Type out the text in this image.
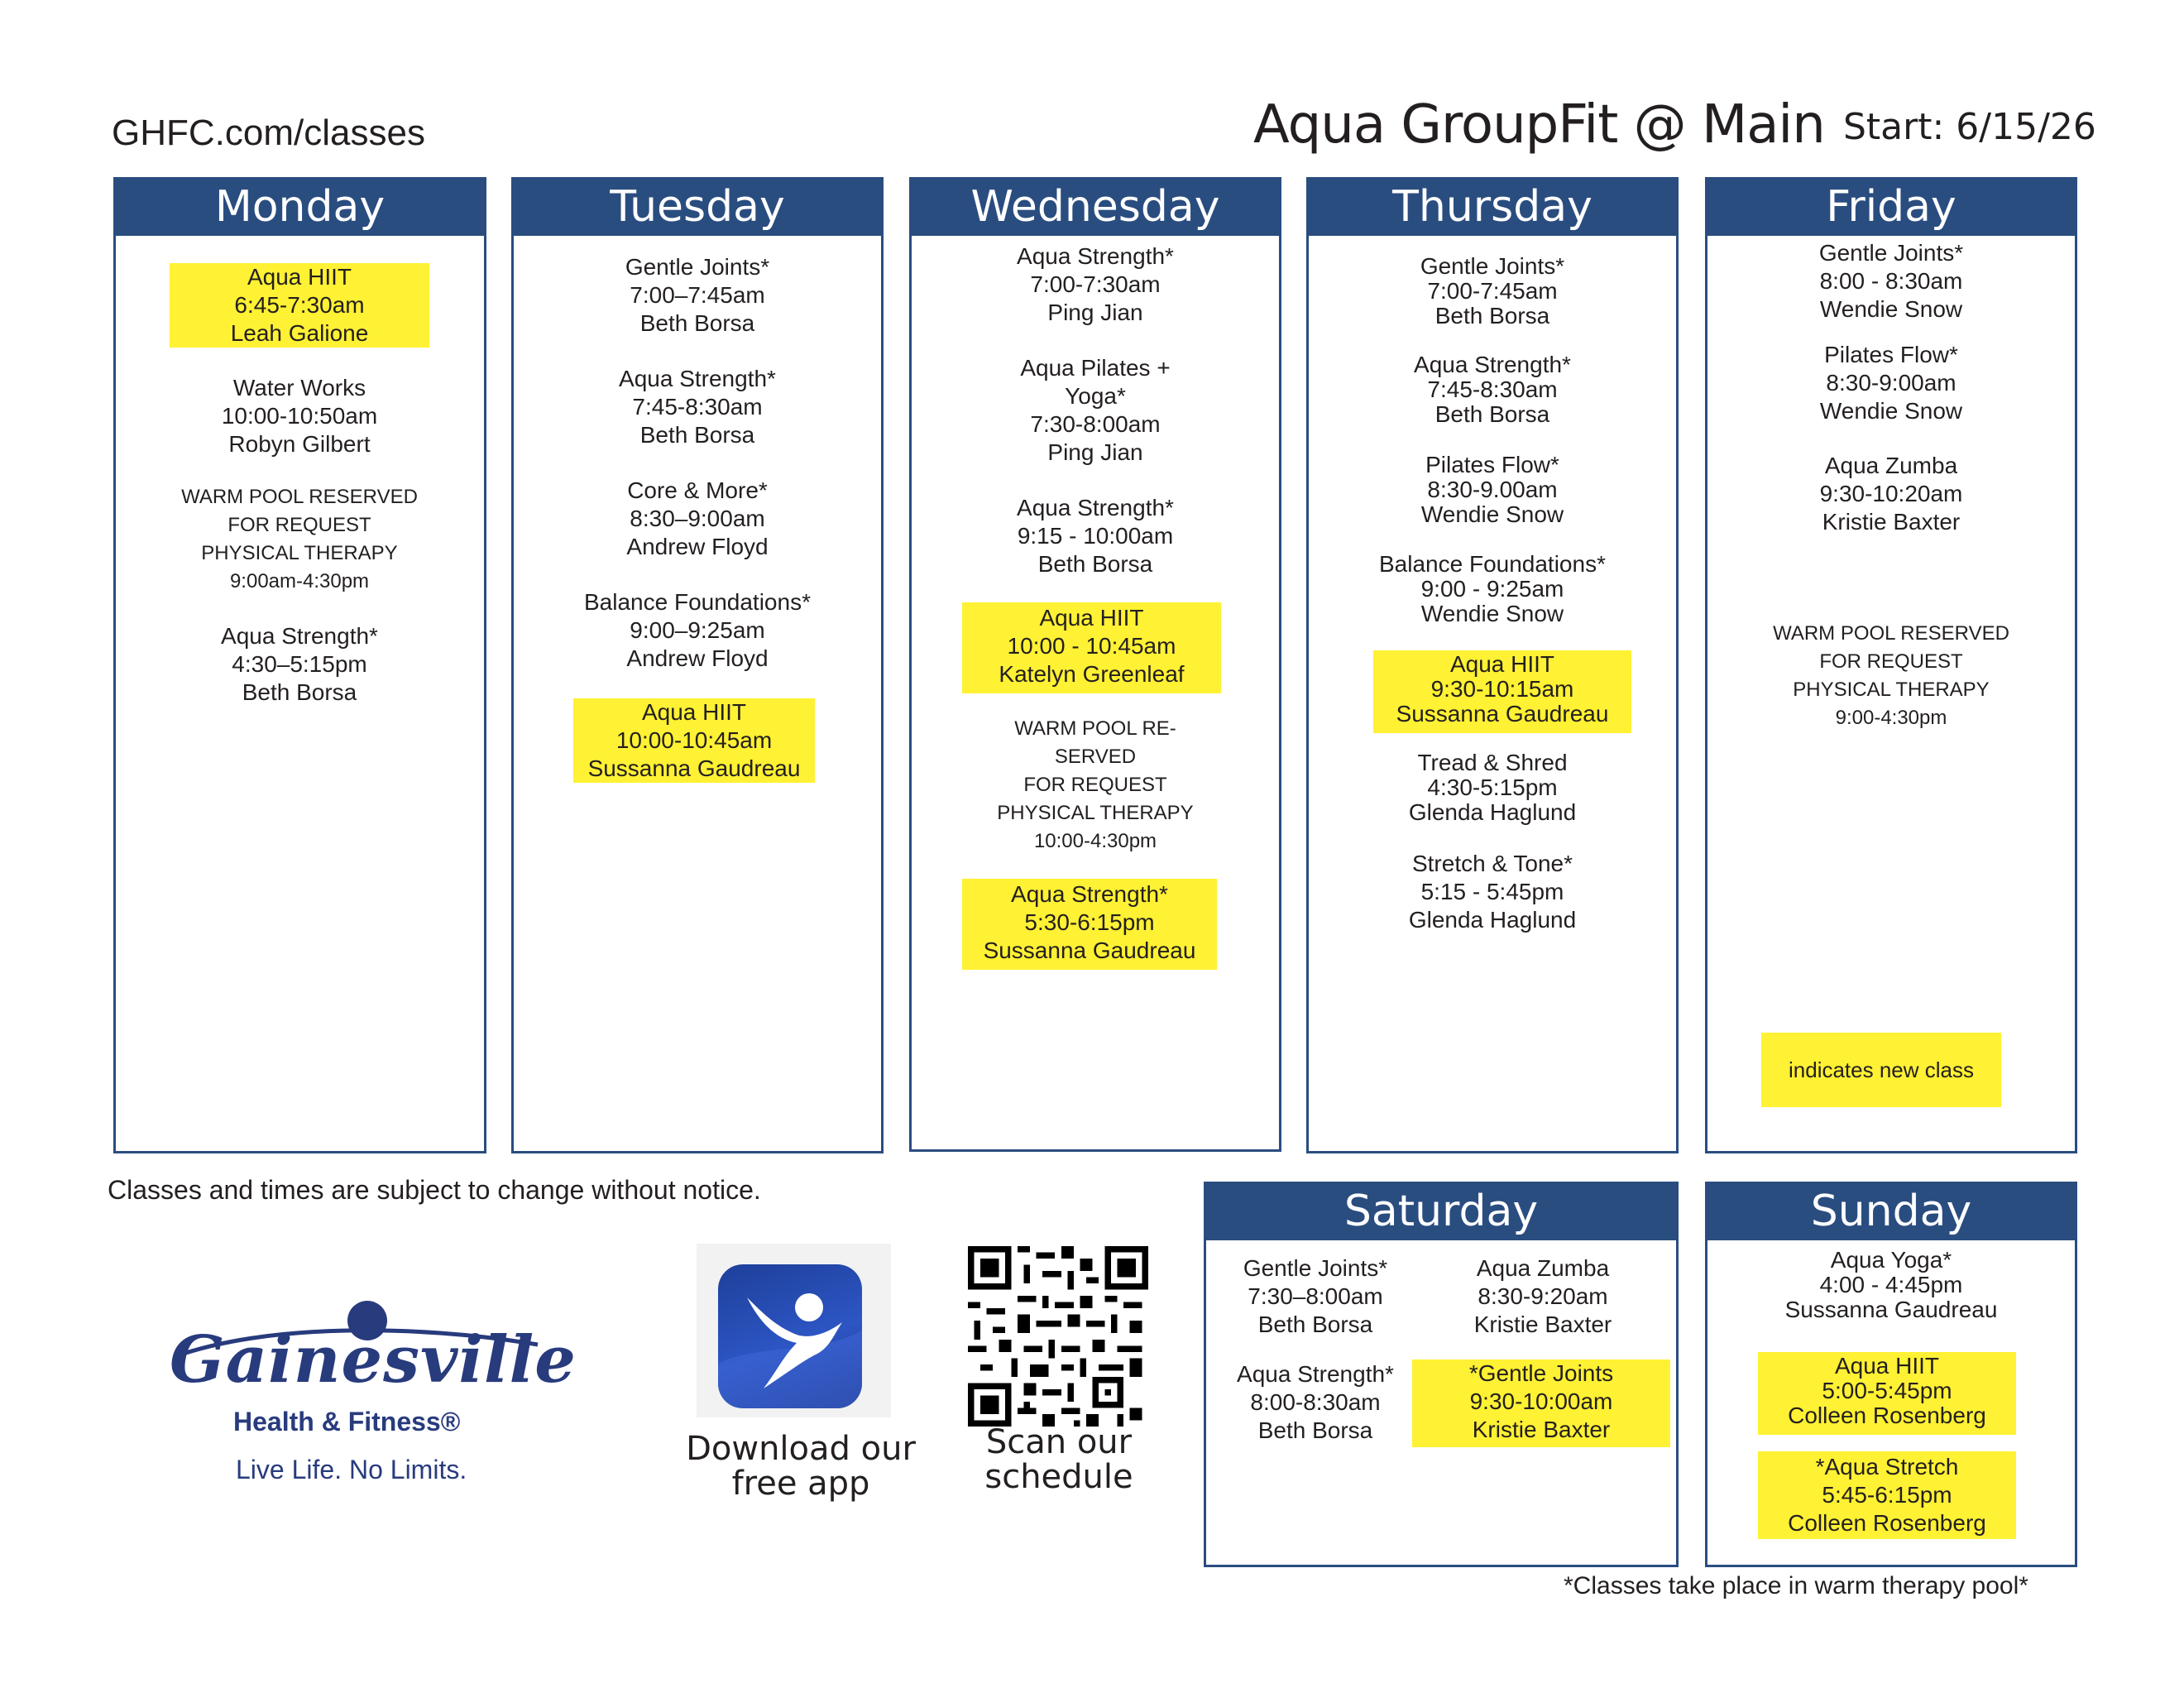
GHFC.com/classes	Aqua GroupFit @ Main Start: 6/15/26
Monday
Aqua HIIT
6:45-7:30am
Leah Galione
Water Works
10:00-10:50am
Robyn Gilbert
WARM POOL RESERVED
FOR REQUEST
PHYSICAL THERAPY
9:00am-4:30pm
Aqua Strength*
4:30–5:15pm
Beth Borsa
Tuesday
Gentle Joints*
7:00–7:45am
Beth Borsa
Aqua Strength*
7:45-8:30am
Beth Borsa
Core & More*
8:30–9:00am
Andrew Floyd
Balance Foundations*
9:00–9:25am
Andrew Floyd
Aqua HIIT
10:00-10:45am
Sussanna Gaudreau
Wednesday
Aqua Strength*
7:00-7:30am
Ping Jian
Aqua Pilates +
Yoga*
7:30-8:00am
Ping Jian
Aqua Strength*
9:15 - 10:00am
Beth Borsa
Aqua HIIT
10:00 - 10:45am
Katelyn Greenleaf
WARM POOL RE-
SERVED
FOR REQUEST
PHYSICAL THERAPY
10:00-4:30pm
Aqua Strength*
5:30-6:15pm
Sussanna Gaudreau
Thursday
Gentle Joints*
7:00-7:45am
Beth Borsa
Aqua Strength*
7:45-8:30am
Beth Borsa
Pilates Flow*
8:30-9.00am
Wendie Snow
Balance Foundations*
9:00 - 9:25am
Wendie Snow
Aqua HIIT
9:30-10:15am
Sussanna Gaudreau
Tread & Shred
4:30-5:15pm
Glenda Haglund
Stretch & Tone*
5:15 - 5:45pm
Glenda Haglund
Friday
Gentle Joints*
8:00 - 8:30am
Wendie Snow
Pilates Flow*
8:30-9:00am
Wendie Snow
Aqua Zumba
9:30-10:20am
Kristie Baxter
WARM POOL RESERVED
FOR REQUEST
PHYSICAL THERAPY
9:00-4:30pm
indicates new class
Classes and times are subject to change without notice.	Saturday
Gentle Joints*
7:30–8:00am
Beth Borsa
Aqua Zumba
8:30-9:20am
Kristie Baxter
Aqua Strength*
8:00-8:30am
Beth Borsa
*Gentle Joints
9:30-10:00am
Kristie Baxter
Sunday
Aqua Yoga*
4:00 - 4:45pm
Sussanna Gaudreau
Aqua HIIT
5:00-5:45pm
Colleen Rosenberg
*Aqua Stretch
5:45-6:15pm
Colleen Rosenberg
*Classes take place in warm therapy pool*
Gainesville
Health & Fitness®
Live Life. No Limits.
Download our
free app
Scan our
schedule
